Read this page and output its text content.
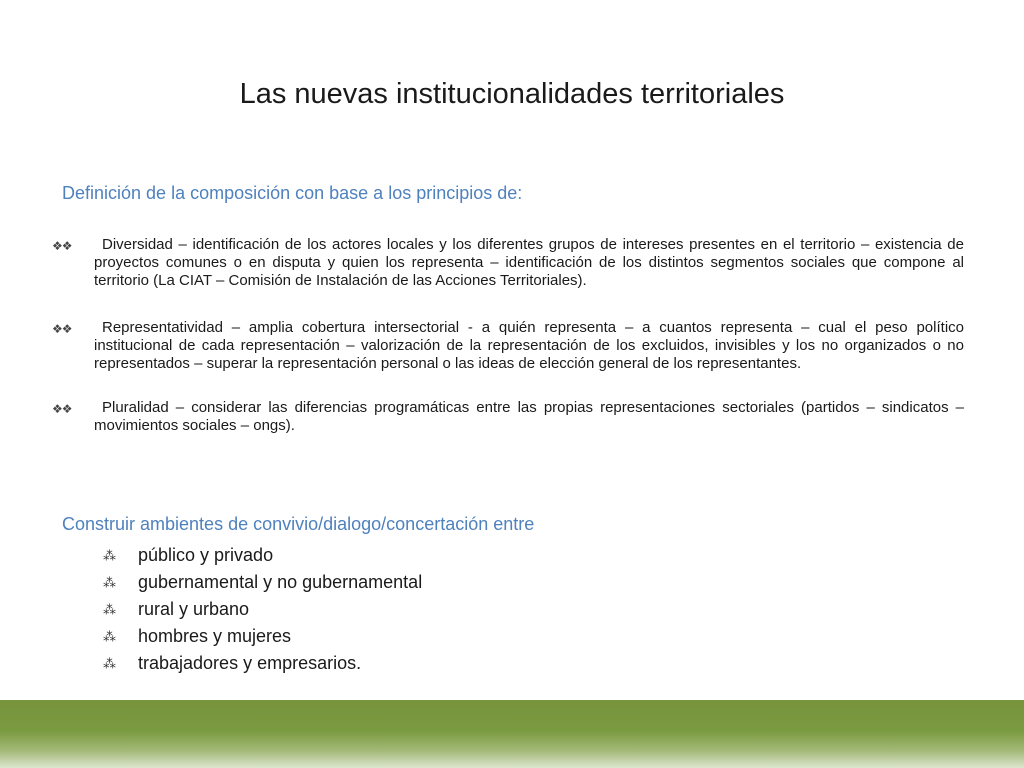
Las nuevas institucionalidades territoriales
Definición de la composición con base a los principios de:
❖❖	Diversidad – identificación de los actores locales y los diferentes grupos de intereses presentes en el territorio – existencia de proyectos comunes o en disputa y quien los representa – identificación de los distintos segmentos sociales que compone al territorio (La CIAT – Comisión de Instalación de las Acciones Territoriales).
❖❖	Representatividad – amplia cobertura intersectorial - a quién representa – a cuantos representa – cual el peso político institucional de cada representación – valorización de la representación de los excluidos, invisibles y los no organizados o no representados – superar la representación personal o las ideas de elección general de los representantes.
❖❖	Pluralidad – considerar las diferencias programáticas entre las propias representaciones sectoriales (partidos – sindicatos – movimientos sociales – ongs).
Construir ambientes de convivio/dialogo/concertación entre
⁂	público y privado
⁂	gubernamental y no gubernamental
⁂	rural y urbano
⁂	hombres y mujeres
⁂	trabajadores y empresarios.
